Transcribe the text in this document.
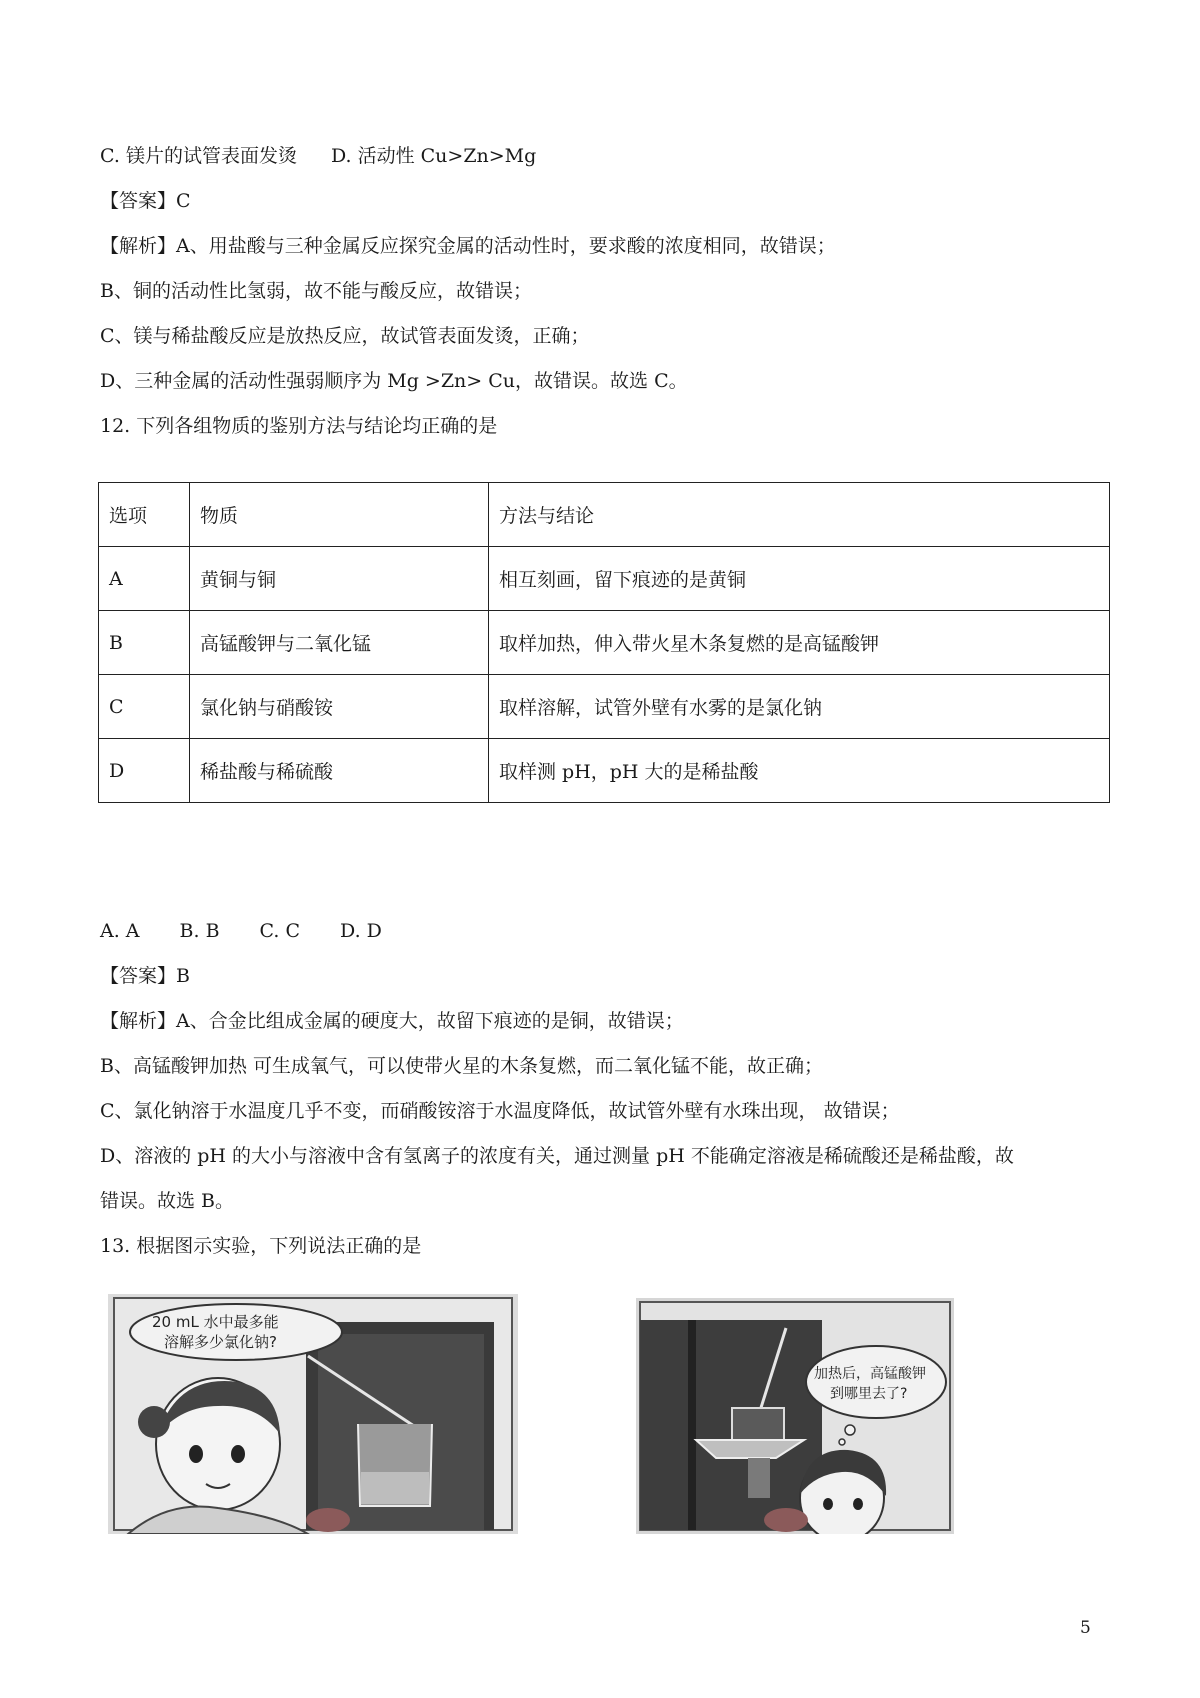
C. 镁片的试管表面发烫 D. 活动性 Cu>Zn>Mg
【答案】C
【解析】A、用盐酸与三种金属反应探究金属的活动性时，要求酸的浓度相同，故错误；
B、铜的活动性比氢弱，故不能与酸反应，故错误；
C、镁与稀盐酸反应是放热反应，故试管表面发烫，正确；
D、三种金属的活动性强弱顺序为 Mg >Zn> Cu，故错误。故选 C。
12. 下列各组物质的鉴别方法与结论均正确的是
选项	物质	方法与结论
A	黄铜与铜	相互刻画，留下痕迹的是黄铜
B	高锰酸钾与二氧化锰	取样加热，伸入带火星木条复燃的是高锰酸钾
C	氯化钠与硝酸铵	取样溶解，试管外壁有水雾的是氯化钠
D	稀盐酸与稀硫酸	取样测 pH，pH 大的是稀盐酸
A. A B. B C. C D. D
【答案】B
【解析】A、合金比组成金属的硬度大，故留下痕迹的是铜，故错误；
B、高锰酸钾加热 可生成氧气，可以使带火星的木条复燃，而二氧化锰不能，故正确；
C、氯化钠溶于水温度几乎不变，而硝酸铵溶于水温度降低，故试管外壁有水珠出现， 故错误；
D、溶液的 pH 的大小与溶液中含有氢离子的浓度有关，通过测量 pH 不能确定溶液是稀硫酸还是稀盐酸，故
错误。故选 B。
13. 根据图示实验，下列说法正确的是
20 mL 水中最多能
溶解多少氯化钠?
加热后，高锰酸钾
到哪里去了?
5
